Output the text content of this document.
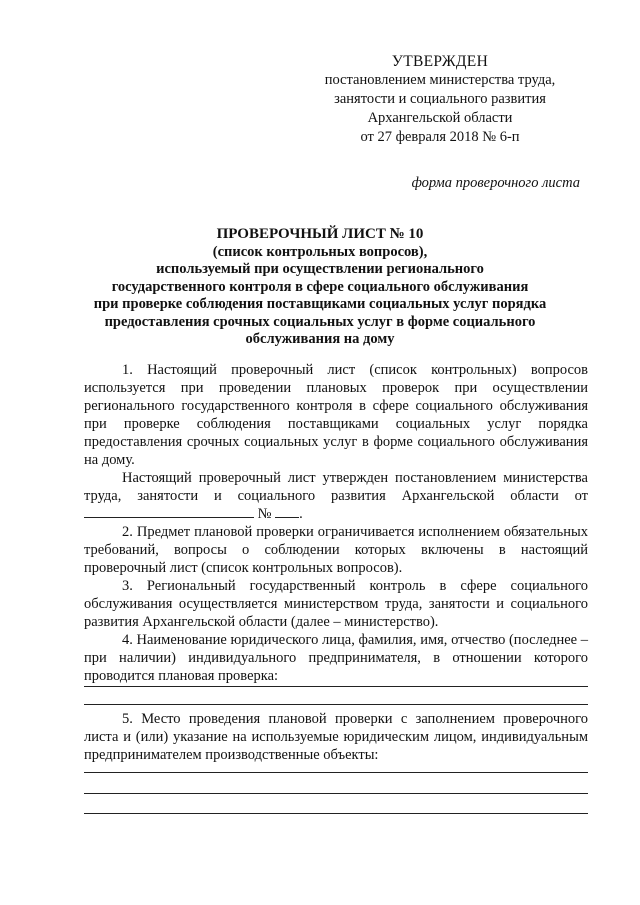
УТВЕРЖДЕН
постановлением министерства труда,
занятости и социального развития
Архангельской области
от 27 февраля 2018 № 6-п
форма проверочного листа
ПРОВЕРОЧНЫЙ ЛИСТ № 10
(список контрольных вопросов),
используемый при осуществлении регионального
государственного контроля в сфере социального обслуживания
при проверке соблюдения поставщиками социальных услуг порядка
предоставления срочных социальных услуг в форме социального
обслуживания на дому

1. Настоящий проверочный лист (список контрольных) вопросов используется при проведении плановых проверок при осуществлении регионального государственного контроля в сфере социального обслуживания при проверке соблюдения поставщиками социальных услуг порядка предоставления срочных социальных услуг в форме социального обслуживания на дому.

Настоящий проверочный лист утвержден постановлением министерства труда, занятости и социального развития Архангельской области от  № .

2. Предмет плановой проверки ограничивается исполнением обязательных требований, вопросы о соблюдении которых включены в настоящий проверочный лист (список контрольных вопросов).

3. Региональный государственный контроль в сфере социального обслуживания осуществляется министерством труда, занятости и социального развития Архангельской области (далее – министерство).

4. Наименование юридического лица, фамилия, имя, отчество (последнее – при наличии) индивидуального предпринимателя, в отношении которого проводится плановая проверка:

5. Место проведения плановой проверки с заполнением проверочного листа и (или) указание на используемые юридическим лицом, индивидуальным предпринимателем производственные объекты:
